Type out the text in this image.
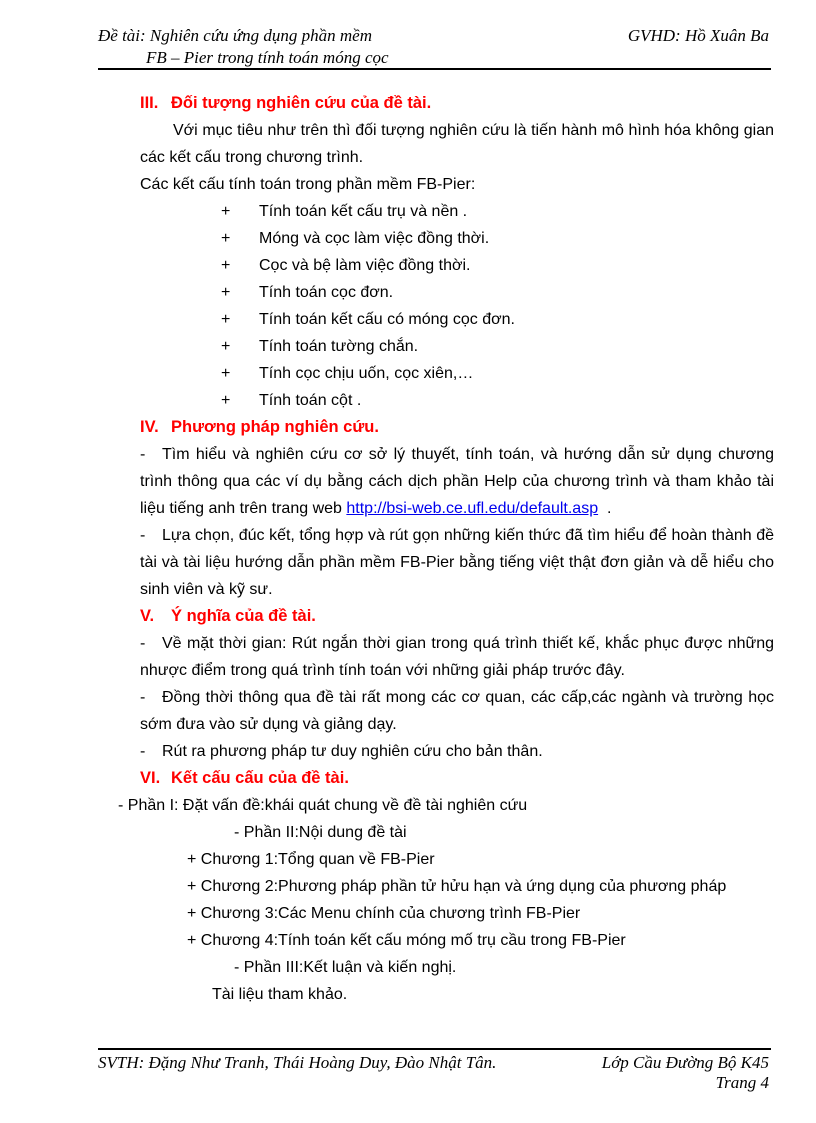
Đề tài: Nghiên cứu ứng dụng phần mềm
FB – Pier trong tính toán móng cọc
GVHD: Hồ Xuân Ba
III. Đối tượng nghiên cứu của đề tài.
Với mục tiêu như trên thì đối tượng nghiên cứu là tiến hành mô hình hóa không gian các kết cấu trong chương trình.
Các kết cấu tính toán trong phần mềm FB-Pier:
+ Tính toán kết cấu trụ và nền .
+ Móng và cọc làm việc đồng thời.
+ Cọc và bệ làm việc đồng thời.
+ Tính toán cọc đơn.
+ Tính toán kết cấu có móng cọc đơn.
+ Tính toán tường chắn.
+ Tính cọc chịu uốn, cọc xiên,…
+ Tính toán cột .
IV. Phương pháp nghiên cứu.
- Tìm hiểu và nghiên cứu cơ sở lý thuyết, tính toán, và hướng dẫn sử dụng chương trình thông qua các ví dụ bằng cách dịch phần Help của chương trình và tham khảo tài liệu tiếng anh trên trang web http://bsi-web.ce.ufl.edu/default.asp .
- Lựa chọn, đúc kết, tổng hợp và rút gọn những kiến thức đã tìm hiểu để hoàn thành đề tài và tài liệu hướng dẫn phần mềm FB-Pier bằng tiếng việt thật đơn giản và dễ hiểu cho sinh viên và kỹ sư.
V. Ý nghĩa của đề tài.
- Về mặt thời gian: Rút ngắn thời gian trong quá trình thiết kế, khắc phục được những nhược điểm trong quá trình tính toán với những giải pháp trước đây.
- Đồng thời thông qua đề tài rất mong các cơ quan, các cấp,các ngành và trường học sớm đưa vào sử dụng và giảng dạy.
- Rút ra phương pháp tư duy nghiên cứu cho bản thân.
VI. Kết cấu cấu của đề tài.
- Phần I: Đặt vấn đề:khái quát chung về đề tài nghiên cứu
- Phần II:Nội dung đề tài
+ Chương 1:Tổng quan về FB-Pier
+ Chương 2:Phương pháp phần tử hửu hạn và ứng dụng của phương pháp
+ Chương 3:Các Menu chính của chương trình FB-Pier
+ Chương 4:Tính toán kết cấu móng mố trụ cầu trong FB-Pier
- Phần III:Kết luận và kiến nghị.
Tài liệu tham khảo.
SVTH: Đặng Như Tranh, Thái Hoàng Duy, Đào Nhật Tân.	Lớp Cầu Đường Bộ K45
Trang 4
